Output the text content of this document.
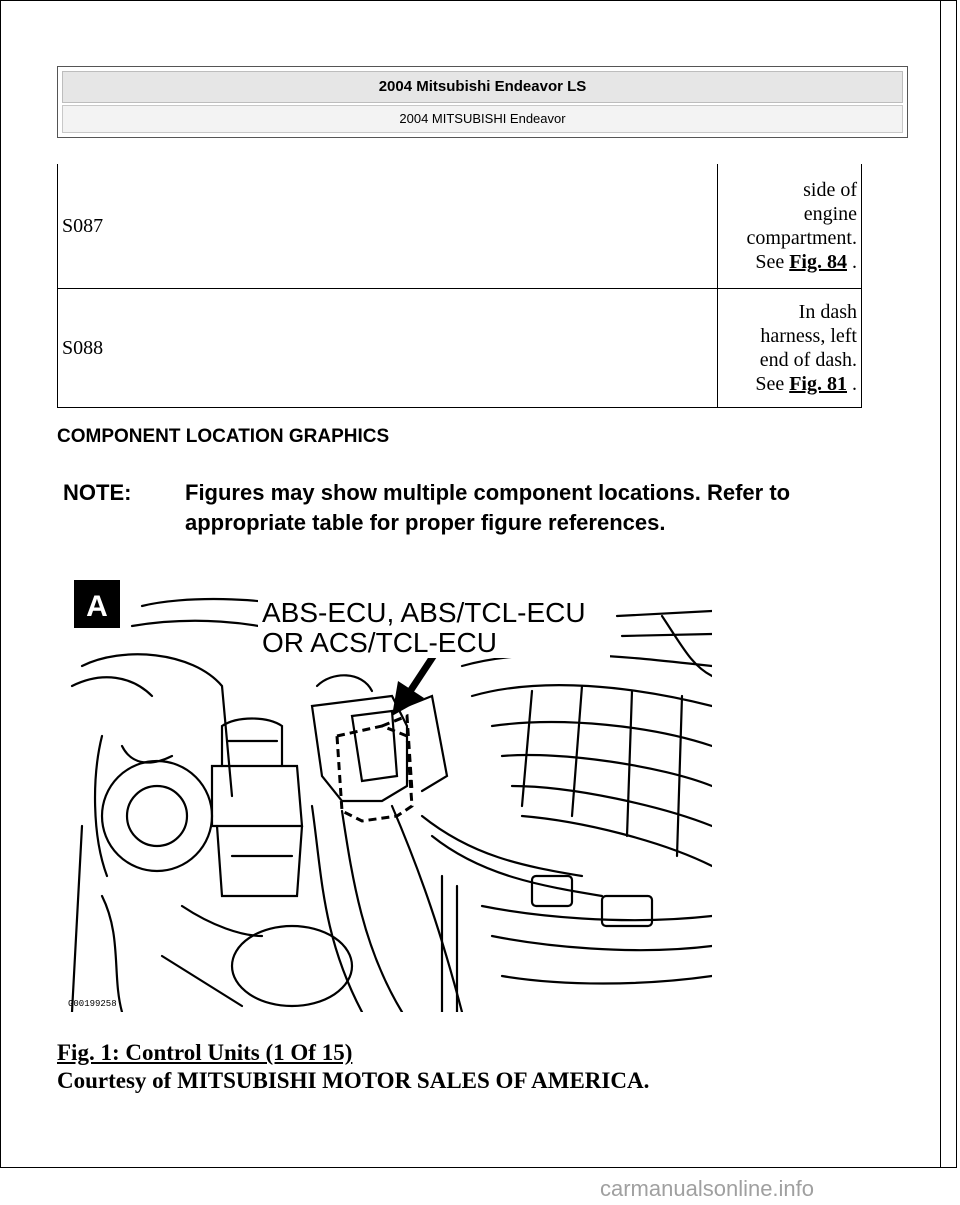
2004 Mitsubishi Endeavor LS
2004 MITSUBISHI Endeavor
S087	side of
engine
compartment.
See Fig. 84 .

S088	In dash
harness, left
end of dash.
See Fig. 81 .
COMPONENT LOCATION GRAPHICS
NOTE: Figures may show multiple component locations. Refer to appropriate table for proper figure references.
A	ABS-ECU, ABS/TCL-ECU
OR ACS/TCL-ECU
G00199258
Fig. 1: Control Units (1 Of 15)
Courtesy of MITSUBISHI MOTOR SALES OF AMERICA.
carmanualsonline.info
